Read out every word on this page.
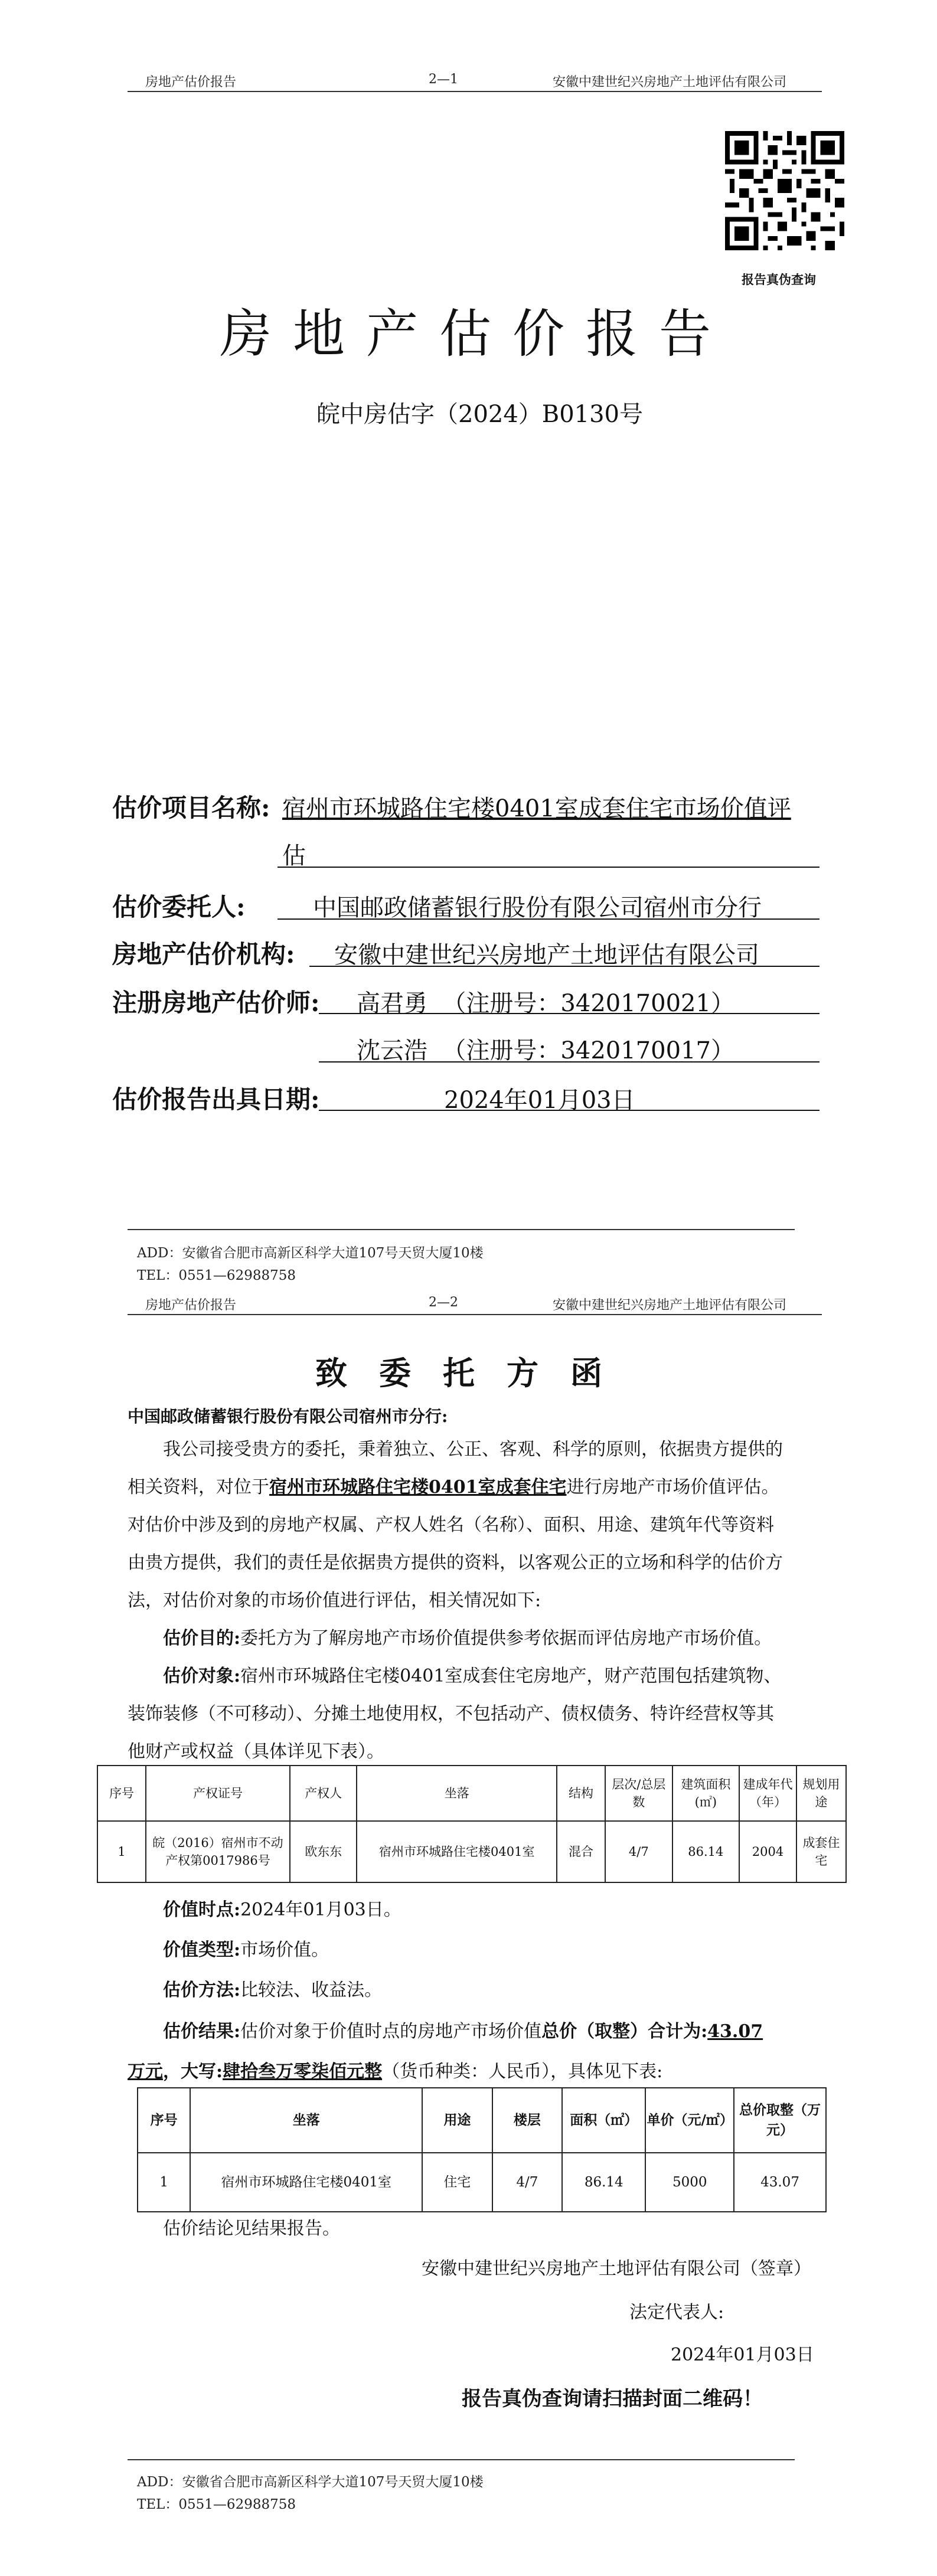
房地产估价报告	2—1	安徽中建世纪兴房地产土地评估有限公司
报告真伪查询
房地产估价报告
皖中房估字（2024）B0130号
估价项目名称: 宿州市环城路住宅楼0401室成套住宅市场价值评
估
估价委托人:	中国邮政储蓄银行股份有限公司宿州市分行
房地产估价机构: 安徽中建世纪兴房地产土地评估有限公司
注册房地产估价师: 高君勇  （注册号：3420170021）
沈云浩  （注册号：3420170017）
估价报告出具日期:	2024年01月03日
ADD：安徽省合肥市高新区科学大道107号天贸大厦10楼
TEL：0551—62988758
房地产估价报告	2—2	安徽中建世纪兴房地产土地评估有限公司
致委托方函
中国邮政储蓄银行股份有限公司宿州市分行:
我公司接受贵方的委托，秉着独立、公正、客观、科学的原则，依据贵方提供的
相关资料，对位于宿州市环城路住宅楼0401室成套住宅进行房地产市场价值评估。
对估价中涉及到的房地产权属、产权人姓名（名称）、面积、用途、建筑年代等资料
由贵方提供，我们的责任是依据贵方提供的资料，以客观公正的立场和科学的估价方
法，对估价对象的市场价值进行评估，相关情况如下:
估价目的:委托方为了解房地产市场价值提供参考依据而评估房地产市场价值。
估价对象:宿州市环城路住宅楼0401室成套住宅房地产，财产范围包括建筑物、
装饰装修（不可移动）、分摊土地使用权，不包括动产、债权债务、特许经营权等其
他财产或权益（具体详见下表）。
序号	产权证号	产权人	坐落	结构	层次/总层数	建筑面积(㎡)	建成年代（年）	规划用途
1	皖（2016）宿州市不动产权第0017986号	欧东东	宿州市环城路住宅楼0401室	混合	4/7	86.14	2004	成套住宅
价值时点:2024年01月03日。
价值类型:市场价值。
估价方法:比较法、收益法。
估价结果:估价对象于价值时点的房地产市场价值总价（取整）合计为:43.07
万元，大写:肆拾叁万零柒佰元整（货币种类：人民币），具体见下表:
序号	坐落	用途	楼层	面积（㎡）	单价（元/㎡）	总价取整（万元）
1	宿州市环城路住宅楼0401室	住宅	4/7	86.14	5000	43.07
估价结论见结果报告。
安徽中建世纪兴房地产土地评估有限公司（签章）
法定代表人:
2024年01月03日
报告真伪查询请扫描封面二维码！
ADD：安徽省合肥市高新区科学大道107号天贸大厦10楼
TEL：0551—62988758
